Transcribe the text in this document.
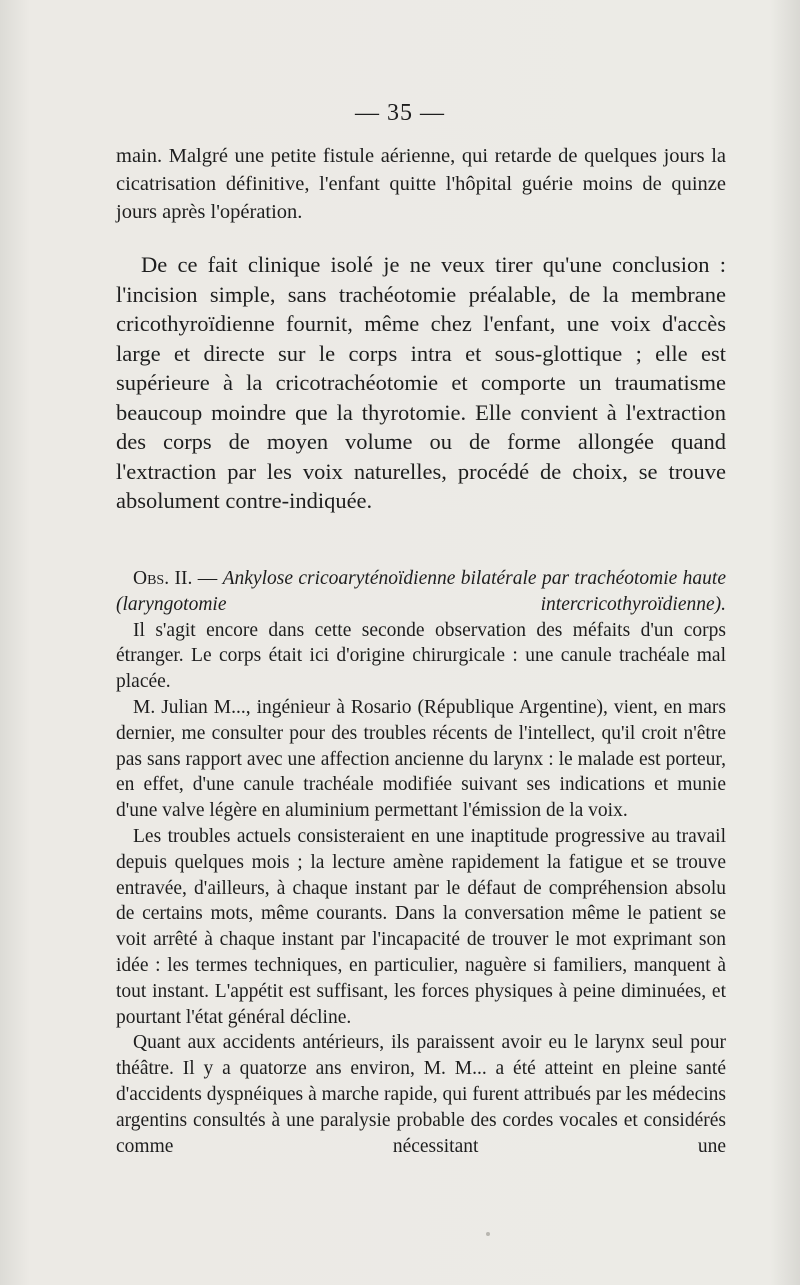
— 35 —

main. Malgré une petite fistule aérienne, qui retarde de quelques jours la cicatrisation définitive, l'enfant quitte l'hôpital guérie moins de quinze jours après l'opération.

De ce fait clinique isolé je ne veux tirer qu'une conclusion : l'incision simple, sans trachéotomie préalable, de la membrane cricothyroïdienne fournit, même chez l'enfant, une voix d'accès large et directe sur le corps intra et sous-glottique ; elle est supérieure à la cricotrachéotomie et comporte un traumatisme beaucoup moindre que la thyrotomie. Elle convient à l'extraction des corps de moyen volume ou de forme allongée quand l'extraction par les voix naturelles, procédé de choix, se trouve absolument contre-indiquée.

Obs. II. — Ankylose cricoaryténoïdienne bilatérale par trachéotomie haute (laryngotomie intercricothyroïdienne).

Il s'agit encore dans cette seconde observation des méfaits d'un corps étranger. Le corps était ici d'origine chirurgicale : une canule trachéale mal placée.

M. Julian M..., ingénieur à Rosario (République Argentine), vient, en mars dernier, me consulter pour des troubles récents de l'intellect, qu'il croit n'être pas sans rapport avec une affection ancienne du larynx : le malade est porteur, en effet, d'une canule trachéale modifiée suivant ses indications et munie d'une valve légère en aluminium permettant l'émission de la voix.

Les troubles actuels consisteraient en une inaptitude progressive au travail depuis quelques mois ; la lecture amène rapidement la fatigue et se trouve entravée, d'ailleurs, à chaque instant par le défaut de compréhension absolu de certains mots, même courants. Dans la conversation même le patient se voit arrêté à chaque instant par l'incapacité de trouver le mot exprimant son idée : les termes techniques, en particulier, naguère si familiers, manquent à tout instant. L'appétit est suffisant, les forces physiques à peine diminuées, et pourtant l'état général décline.

Quant aux accidents antérieurs, ils paraissent avoir eu le larynx seul pour théâtre. Il y a quatorze ans environ, M. M... a été atteint en pleine santé d'accidents dyspnéiques à marche rapide, qui furent attribués par les médecins argentins consultés à une paralysie probable des cordes vocales et considérés comme nécessitant une
